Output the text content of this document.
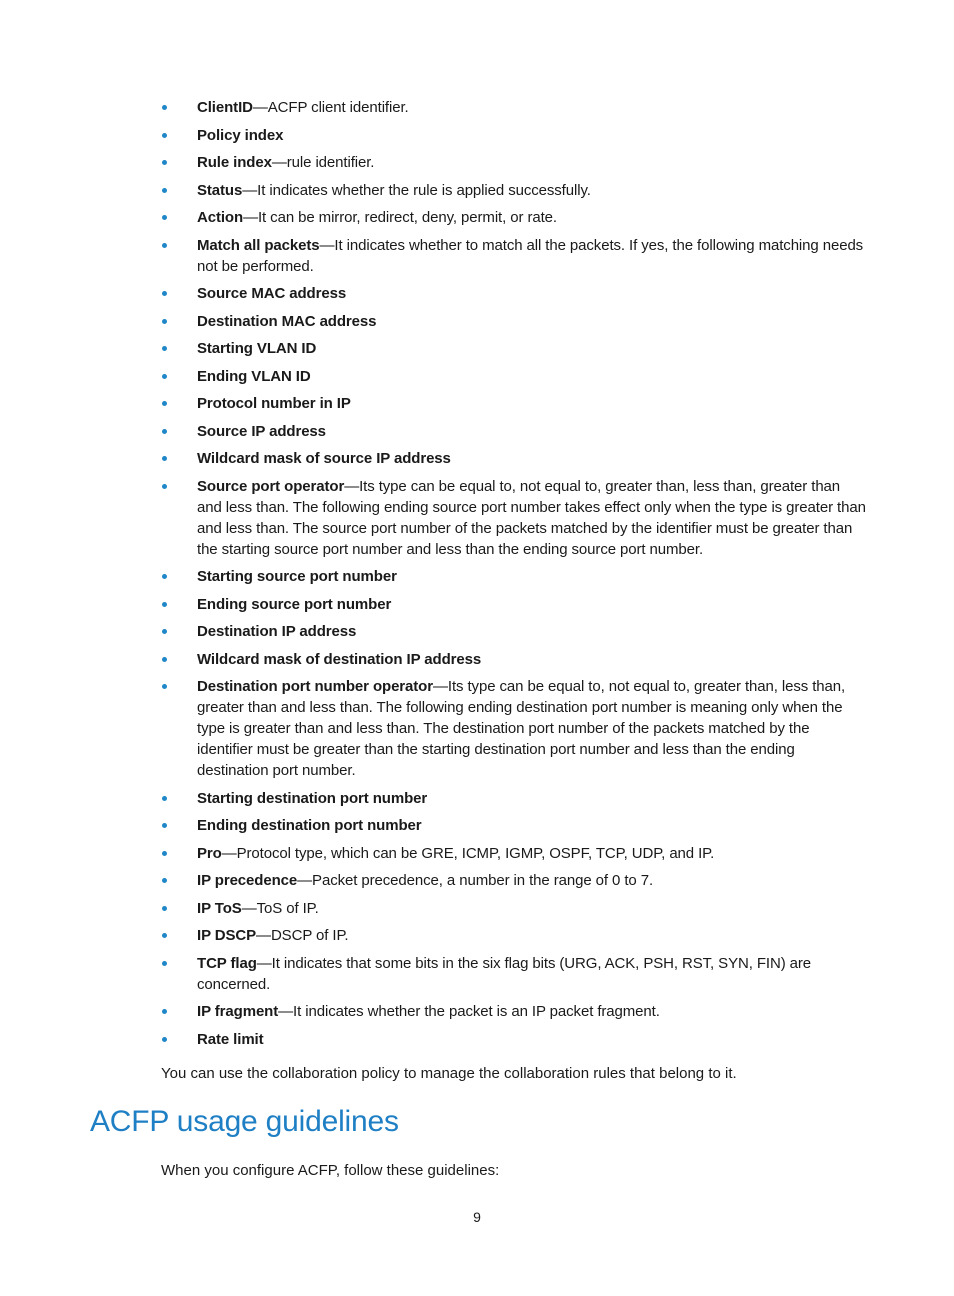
ClientID—ACFP client identifier.
Policy index
Rule index—rule identifier.
Status—It indicates whether the rule is applied successfully.
Action—It can be mirror, redirect, deny, permit, or rate.
Match all packets—It indicates whether to match all the packets. If yes, the following matching needs not be performed.
Source MAC address
Destination MAC address
Starting VLAN ID
Ending VLAN ID
Protocol number in IP
Source IP address
Wildcard mask of source IP address
Source port operator—Its type can be equal to, not equal to, greater than, less than, greater than and less than. The following ending source port number takes effect only when the type is greater than and less than. The source port number of the packets matched by the identifier must be greater than the starting source port number and less than the ending source port number.
Starting source port number
Ending source port number
Destination IP address
Wildcard mask of destination IP address
Destination port number operator—Its type can be equal to, not equal to, greater than, less than, greater than and less than. The following ending destination port number is meaning only when the type is greater than and less than. The destination port number of the packets matched by the identifier must be greater than the starting destination port number and less than the ending destination port number.
Starting destination port number
Ending destination port number
Pro—Protocol type, which can be GRE, ICMP, IGMP, OSPF, TCP, UDP, and IP.
IP precedence—Packet precedence, a number in the range of 0 to 7.
IP ToS—ToS of IP.
IP DSCP—DSCP of IP.
TCP flag—It indicates that some bits in the six flag bits (URG, ACK, PSH, RST, SYN, FIN) are concerned.
IP fragment—It indicates whether the packet is an IP packet fragment.
Rate limit

You can use the collaboration policy to manage the collaboration rules that belong to it.

ACFP usage guidelines

When you configure ACFP, follow these guidelines:

9
